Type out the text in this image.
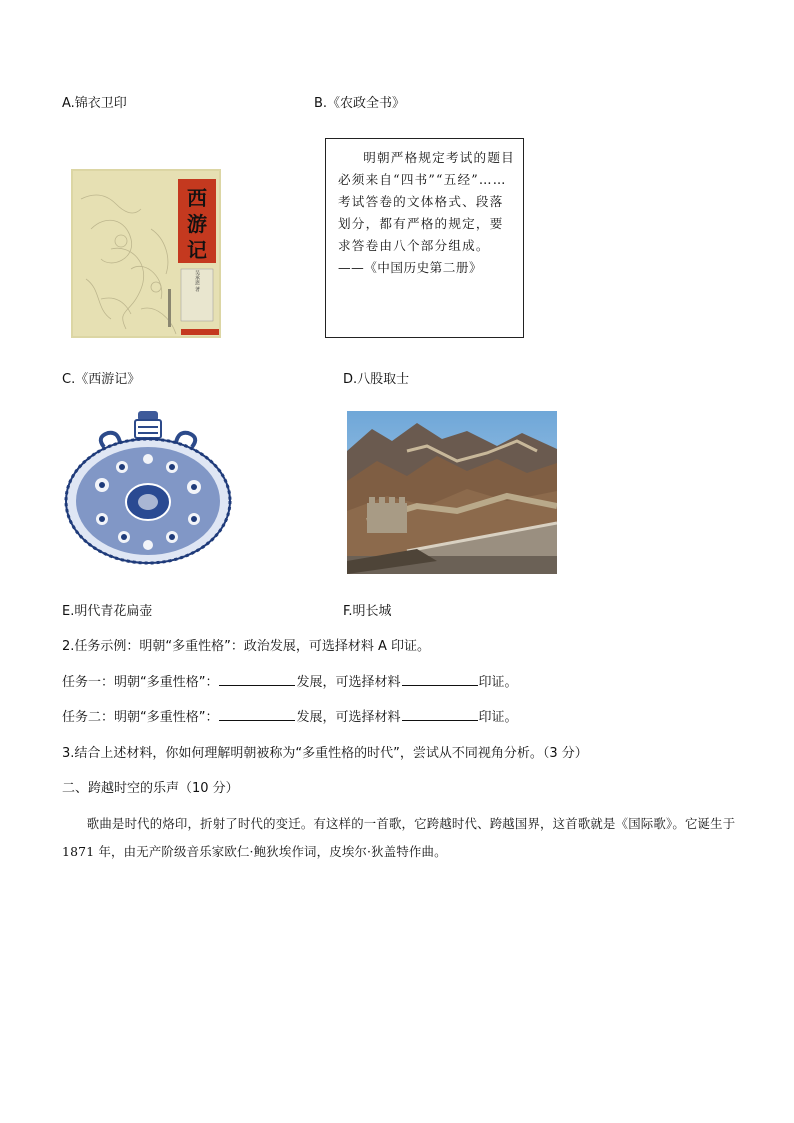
A.锦衣卫印	B.《农政全书》
西游记
吴承恩 著
明朝严格规定考试的题目必须来自“四书”“五经”……考试答卷的文体格式、段落划分，都有严格的规定，要求答卷由八个部分组成。
——《中国历史第二册》
C.《西游记》	D.八股取士
E.明代青花扁壶	F.明长城
2.任务示例：明朝“多重性格”：政治发展，可选择材料 A 印证。
任务一：明朝“多重性格”：	发展，可选择材料	印证。
任务二：明朝“多重性格”：	发展，可选择材料	印证。
3.结合上述材料，你如何理解明朝被称为“多重性格的时代”，尝试从不同视角分析。（3 分）
二、跨越时空的乐声（10 分）

歌曲是时代的烙印，折射了时代的变迁。有这样的一首歌，它跨越时代、跨越国界，这首歌就是《国际歌》。它诞生于 1871 年，由无产阶级音乐家欧仁·鲍狄埃作词，皮埃尔·狄盖特作曲。
